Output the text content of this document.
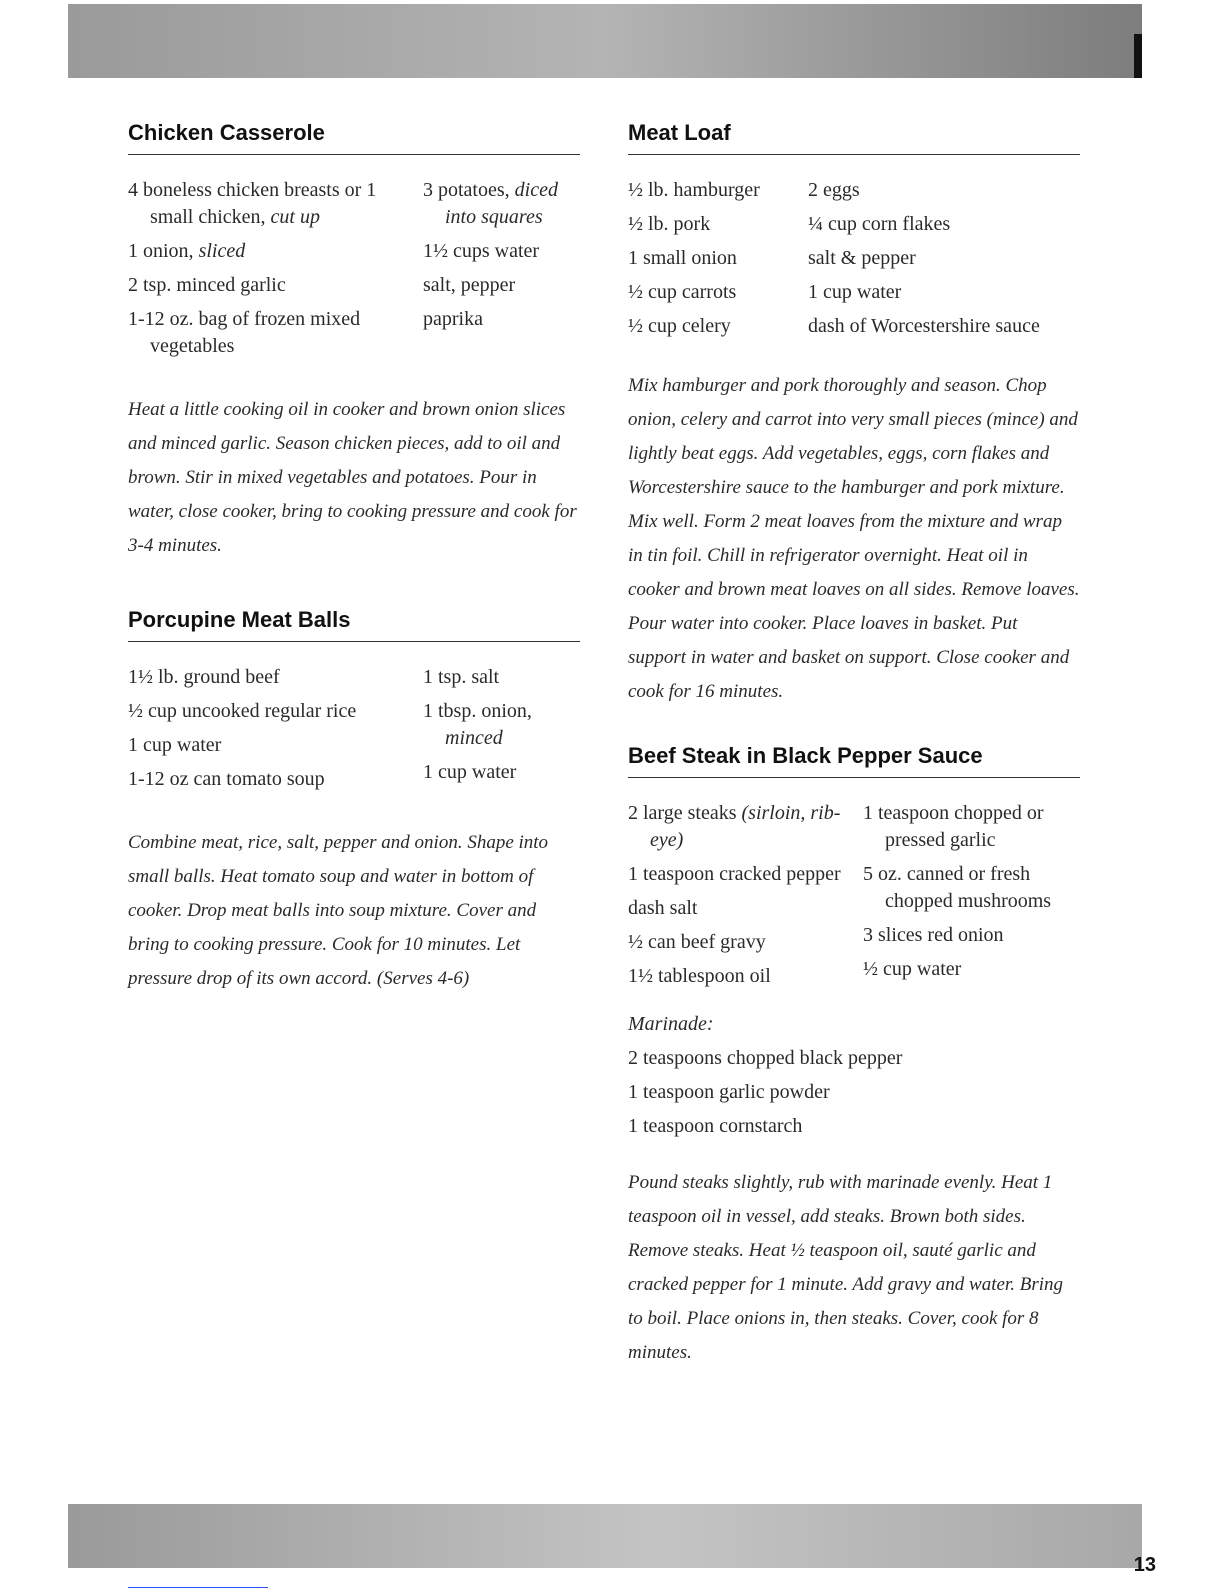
Chicken Casserole
4 boneless chicken breasts or 1 small chicken, cut up
1 onion, sliced
2 tsp. minced garlic
1-12 oz. bag of frozen mixed vegetables
3 potatoes, diced into squares
1½ cups water
salt, pepper
paprika

Heat a little cooking oil in cooker and brown onion slices and minced garlic. Season chicken pieces, add to oil and brown. Stir in mixed vegetables and potatoes. Pour in water, close cooker, bring to cooking pressure and cook for 3-4 minutes.

Porcupine Meat Balls
1½ lb. ground beef
½ cup uncooked regular rice
1 cup water
1-12 oz can tomato soup
1 tsp. salt
1 tbsp. onion, minced
1 cup water

Combine meat, rice, salt, pepper and onion. Shape into small balls. Heat tomato soup and water in bottom of cooker. Drop meat balls into soup mixture. Cover and bring to cooking pressure. Cook for 10 minutes. Let pressure drop of its own accord. (Serves 4-6)

Meat Loaf
½ lb. hamburger
½ lb. pork
1 small onion
½ cup carrots
½ cup celery
2 eggs
¼ cup corn flakes
salt & pepper
1 cup water
dash of Worcestershire sauce

Mix hamburger and pork thoroughly and season. Chop onion, celery and carrot into very small pieces (mince) and lightly beat eggs. Add vegetables, eggs, corn flakes and Worcestershire sauce to the hamburger and pork mixture. Mix well. Form 2 meat loaves from the mixture and wrap in tin foil. Chill in refrigerator overnight. Heat oil in cooker and brown meat loaves on all sides. Remove loaves. Pour water into cooker. Place loaves in basket. Put support in water and basket on support. Close cooker and cook for 16 minutes.

Beef Steak in Black Pepper Sauce
2 large steaks (sirloin, rib-eye)
1 teaspoon cracked pepper
dash salt
½ can beef gravy
1½ tablespoon oil
1 teaspoon chopped or pressed garlic
5 oz. canned or fresh chopped mushrooms
3 slices red onion
½ cup water
Marinade:
2 teaspoons chopped black pepper
1 teaspoon garlic powder
1 teaspoon cornstarch

Pound steaks slightly, rub with marinade evenly. Heat 1 teaspoon oil in vessel, add steaks. Brown both sides. Remove steaks. Heat ½ teaspoon oil, sauté garlic and cracked pepper for 1 minute. Add gravy and water. Bring to boil. Place onions in, then steaks. Cover, cook for 8 minutes.

13
